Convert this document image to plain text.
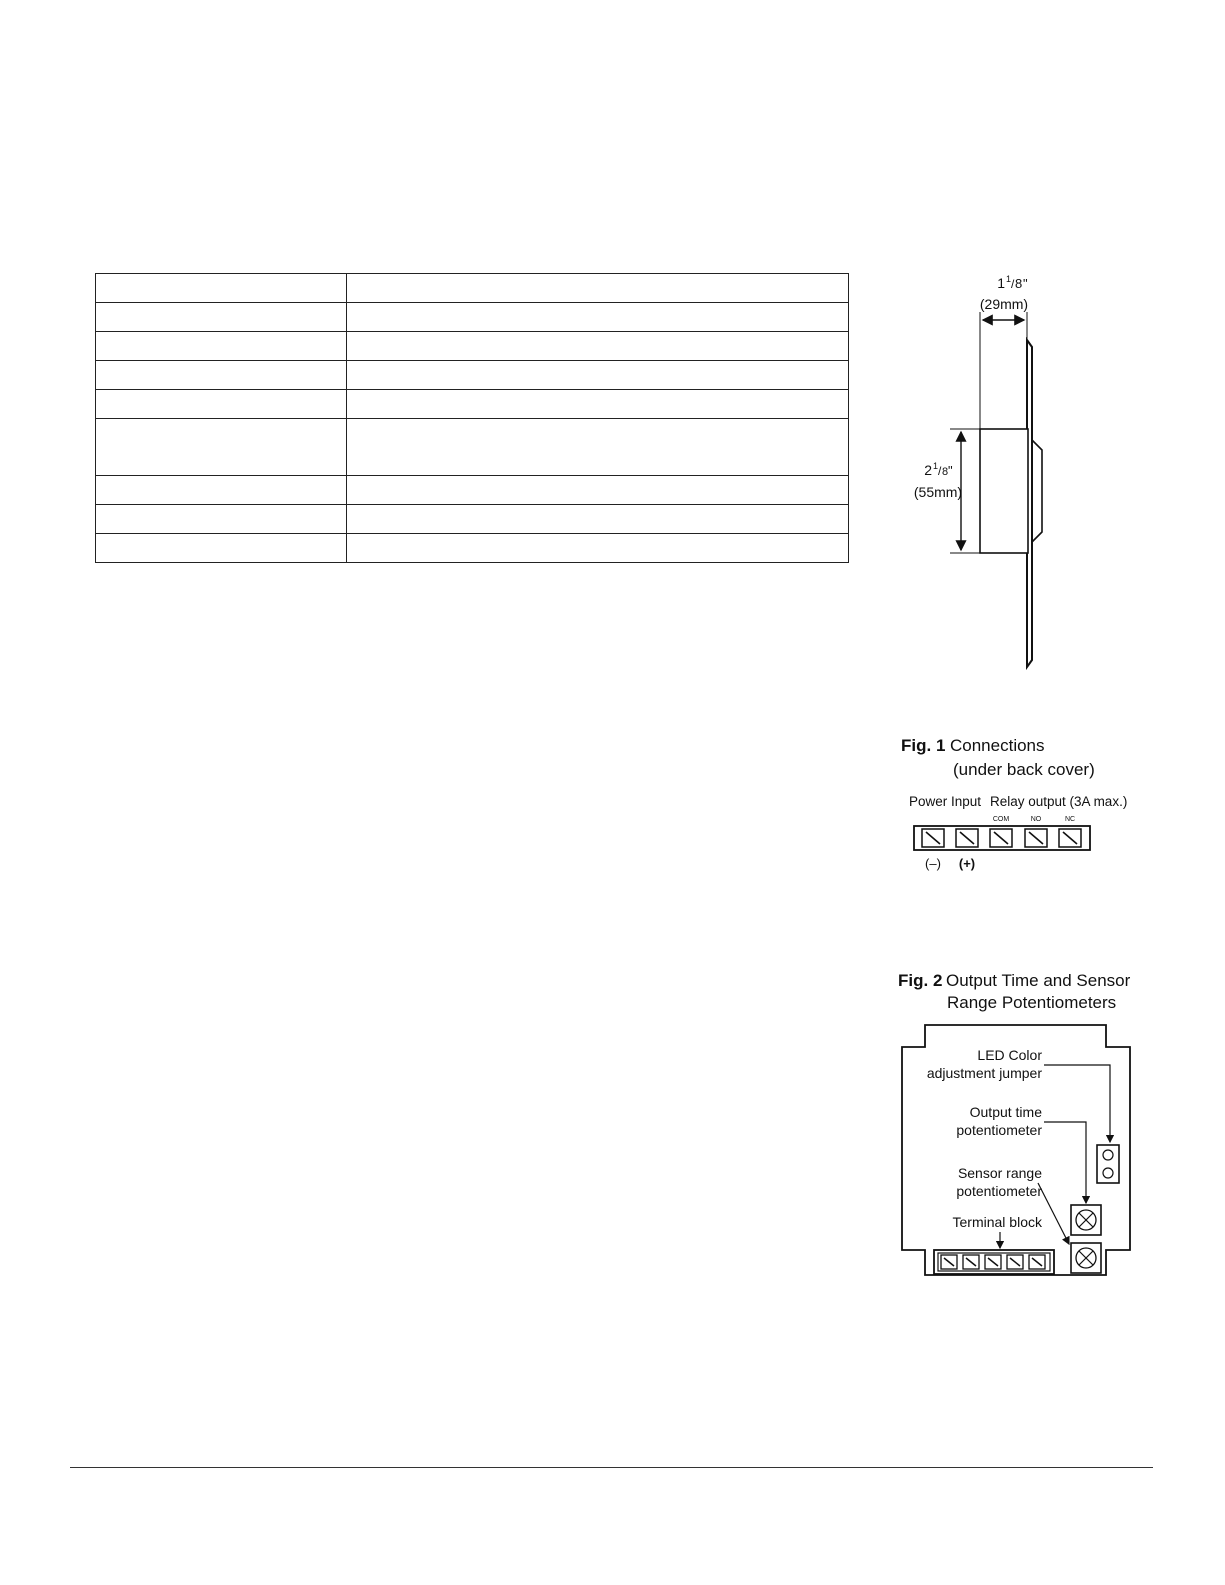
1 1 / 8 "
(29mm)
2 1 / 8 "
(55mm)
Fig. 1 Connections
(under back cover)
Power Input Relay output (3A max.)
COM	NO	NC
(–) (+)
Fig. 2 Output Time and Sensor
Range Potentiometers
LED Color
adjustment jumper
Output time
potentiometer
Sensor range
potentiometer
Terminal block
